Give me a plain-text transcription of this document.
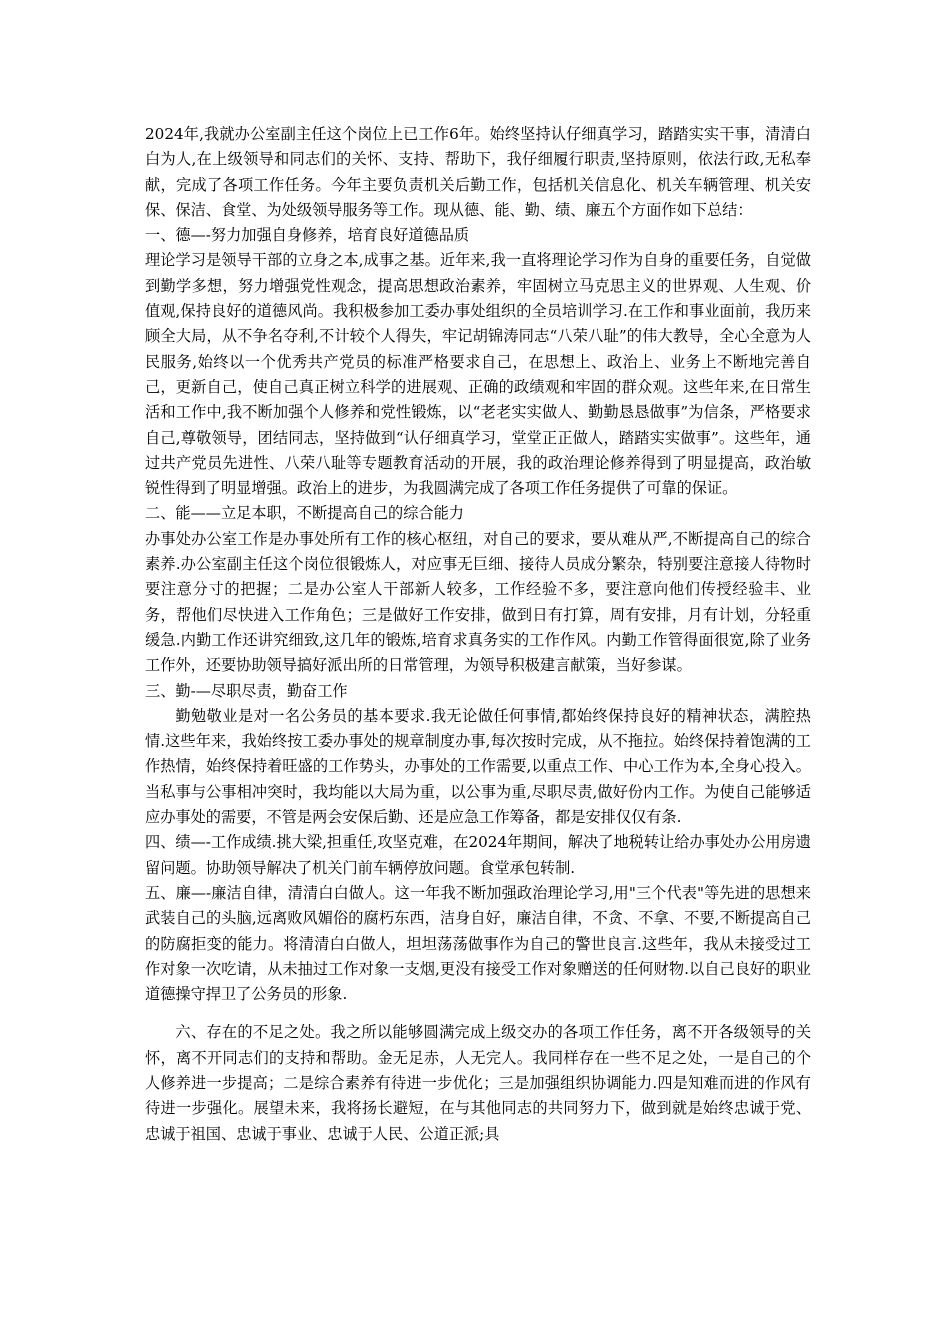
2024年,我就办公室副主任这个岗位上已工作6年。始终坚持认仔细真学习，踏踏实实干事，清清白白为人,在上级领导和同志们的关怀、支持、帮助下，我仔细履行职责,坚持原则，依法行政,无私奉献，完成了各项工作任务。今年主要负责机关后勤工作，包括机关信息化、机关车辆管理、机关安保、保洁、食堂、为处级领导服务等工作。现从德、能、勤、绩、廉五个方面作如下总结：

一、德—-努力加强自身修养，培育良好道德品质

理论学习是领导干部的立身之本,成事之基。近年来,我一直将理论学习作为自身的重要任务，自觉做到勤学多想，努力增强党性观念，提高思想政治素养，牢固树立马克思主义的世界观、人生观、价值观,保持良好的道德风尚。我积极参加工委办事处组织的全员培训学习.在工作和事业面前，我历来顾全大局，从不争名夺利,不计较个人得失，牢记胡锦涛同志“八荣八耻”的伟大教导，全心全意为人民服务,始终以一个优秀共产党员的标准严格要求自己，在思想上、政治上、业务上不断地完善自己，更新自己，使自己真正树立科学的进展观、正确的政绩观和牢固的群众观。这些年来,在日常生活和工作中,我不断加强个人修养和党性锻炼，以“老老实实做人、勤勤恳恳做事”为信条，严格要求自己,尊敬领导，团结同志，坚持做到“认仔细真学习，堂堂正正做人，踏踏实实做事”。这些年，通过共产党员先进性、八荣八耻等专题教育活动的开展，我的政治理论修养得到了明显提高，政治敏锐性得到了明显增强。政治上的进步，为我圆满完成了各项工作任务提供了可靠的保证。

二、能——立足本职，不断提高自己的综合能力

办事处办公室工作是办事处所有工作的核心枢纽，对自己的要求，要从难从严,不断提高自己的综合素养.办公室副主任这个岗位很锻炼人，对应事无巨细、接待人员成分繁杂，特别要注意接人待物时要注意分寸的把握；二是办公室人干部新人较多，工作经验不多，要注意向他们传授经验丰、业务，帮他们尽快进入工作角色；三是做好工作安排，做到日有打算，周有安排，月有计划，分轻重缓急.内勤工作还讲究细致,这几年的锻炼,培育求真务实的工作作风。内勤工作管得面很宽,除了业务工作外，还要协助领导搞好派出所的日常管理，为领导积极建言献策，当好参谋。

三、勤-—尽职尽责，勤奋工作

勤勉敬业是对一名公务员的基本要求.我无论做任何事情,都始终保持良好的精神状态，满腔热情.这些年来，我始终按工委办事处的规章制度办事,每次按时完成，从不拖拉。始终保持着饱满的工作热情，始终保持着旺盛的工作势头，办事处的工作需要,以重点工作、中心工作为本,全身心投入。当私事与公事相冲突时，我均能以大局为重，以公事为重,尽职尽责,做好份内工作。为使自己能够适应办事处的需要，不管是两会安保后勤、还是应急工作筹备，都是安排仅仅有条.

四、绩—-工作成绩.挑大梁,担重任,攻坚克难，在2024年期间，解决了地税转让给办事处办公用房遗留问题。协助领导解决了机关门前车辆停放问题。食堂承包转制.

五、廉—-廉洁自律，清清白白做人。这一年我不断加强政治理论学习,用"三个代表"等先进的思想来武装自己的头脑,远离败风媚俗的腐朽东西，洁身自好，廉洁自律，不贪、不拿、不要,不断提高自己的防腐拒变的能力。将清清白白做人，坦坦荡荡做事作为自己的警世良言.这些年，我从未接受过工作对象一次吃请，从未抽过工作对象一支烟,更没有接受工作对象赠送的任何财物.以自己良好的职业道德操守捍卫了公务员的形象.

六、存在的不足之处。我之所以能够圆满完成上级交办的各项工作任务，离不开各级领导的关怀，离不开同志们的支持和帮助。金无足赤，人无完人。我同样存在一些不足之处，一是自己的个人修养进一步提高；二是综合素养有待进一步优化；三是加强组织协调能力.四是知难而进的作风有待进一步强化。展望未来，我将扬长避短，在与其他同志的共同努力下，做到就是始终忠诚于党、忠诚于祖国、忠诚于事业、忠诚于人民、公道正派;具
